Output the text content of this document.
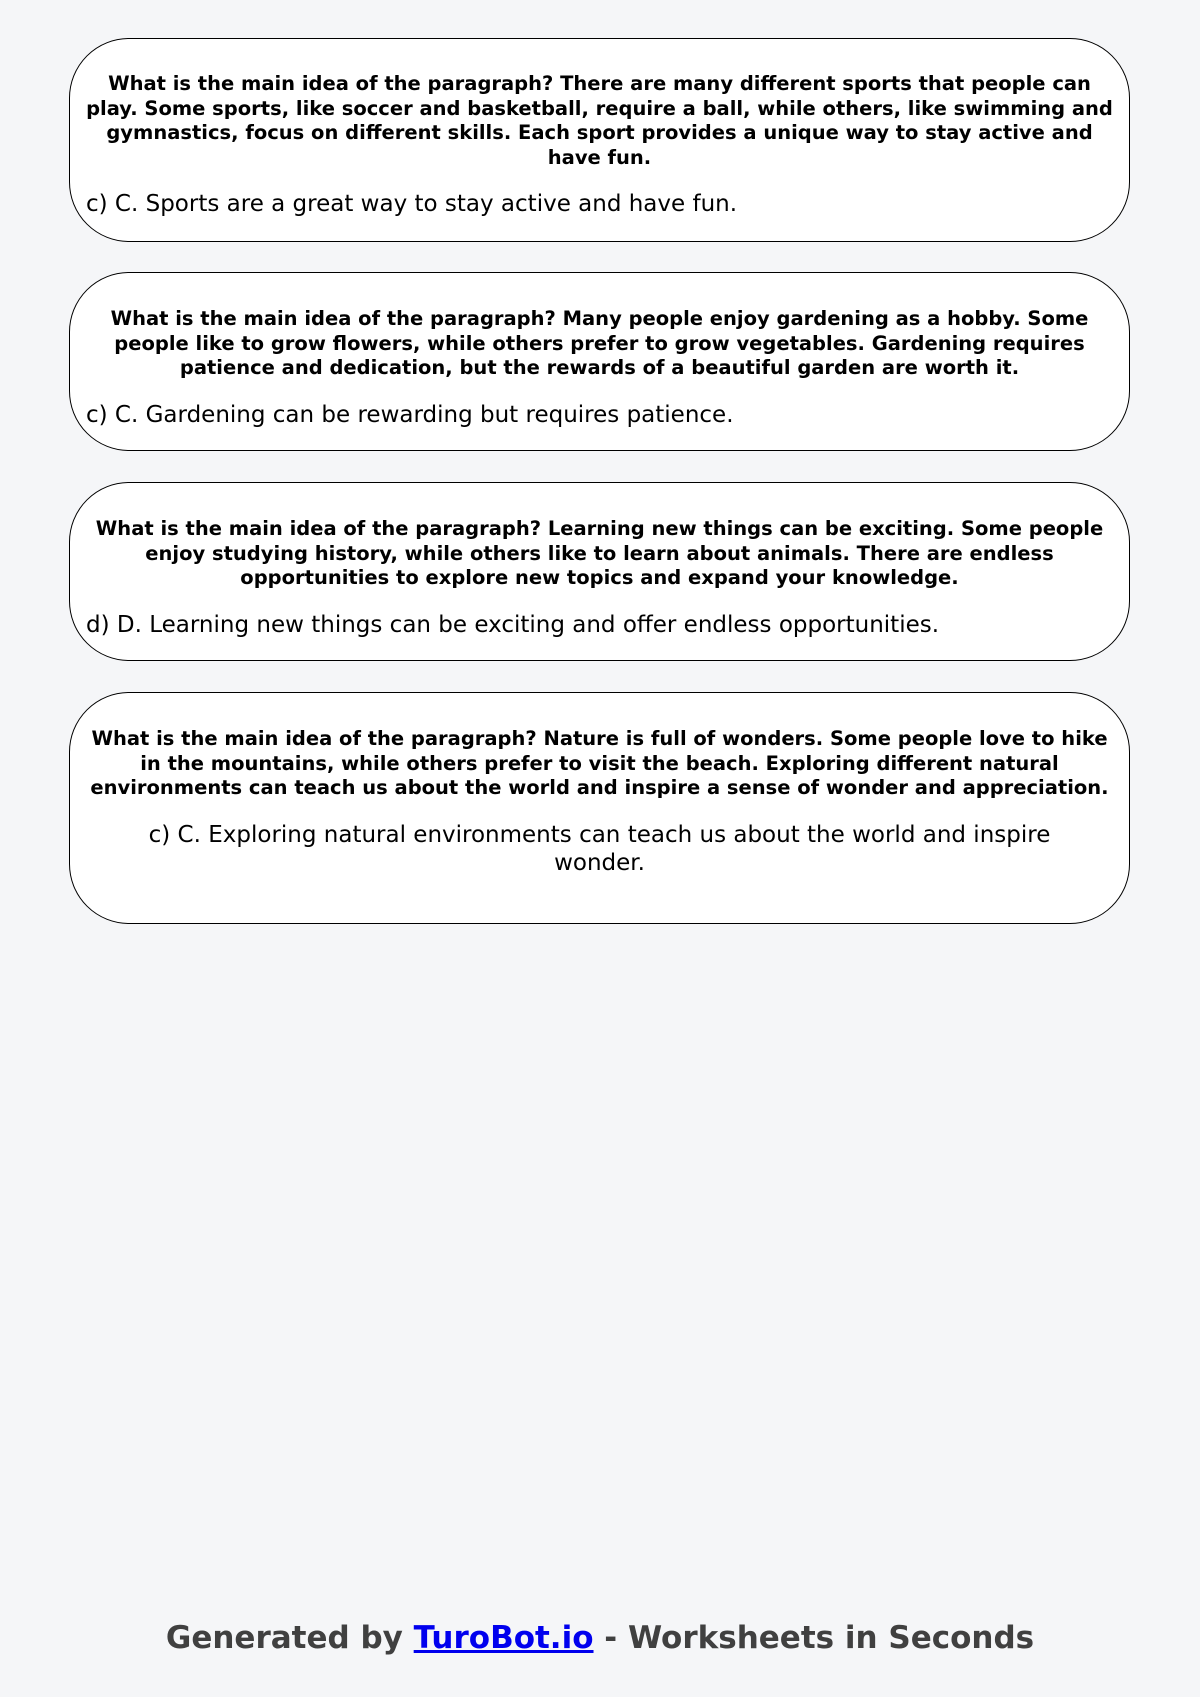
What is the main idea of the paragraph? There are many different sports that people can play. Some sports, like soccer and basketball, require a ball, while others, like swimming and gymnastics, focus on different skills. Each sport provides a unique way to stay active and have fun.

c) C. Sports are a great way to stay active and have fun.

What is the main idea of the paragraph? Many people enjoy gardening as a hobby. Some people like to grow flowers, while others prefer to grow vegetables. Gardening requires patience and dedication, but the rewards of a beautiful garden are worth it.

c) C. Gardening can be rewarding but requires patience.

What is the main idea of the paragraph? Learning new things can be exciting. Some people enjoy studying history, while others like to learn about animals. There are endless opportunities to explore new topics and expand your knowledge.

d) D. Learning new things can be exciting and offer endless opportunities.

What is the main idea of the paragraph? Nature is full of wonders. Some people love to hike in the mountains, while others prefer to visit the beach. Exploring different natural environments can teach us about the world and inspire a sense of wonder and appreciation.

c) C. Exploring natural environments can teach us about the world and inspire wonder.

Generated by TuroBot.io - Worksheets in Seconds
